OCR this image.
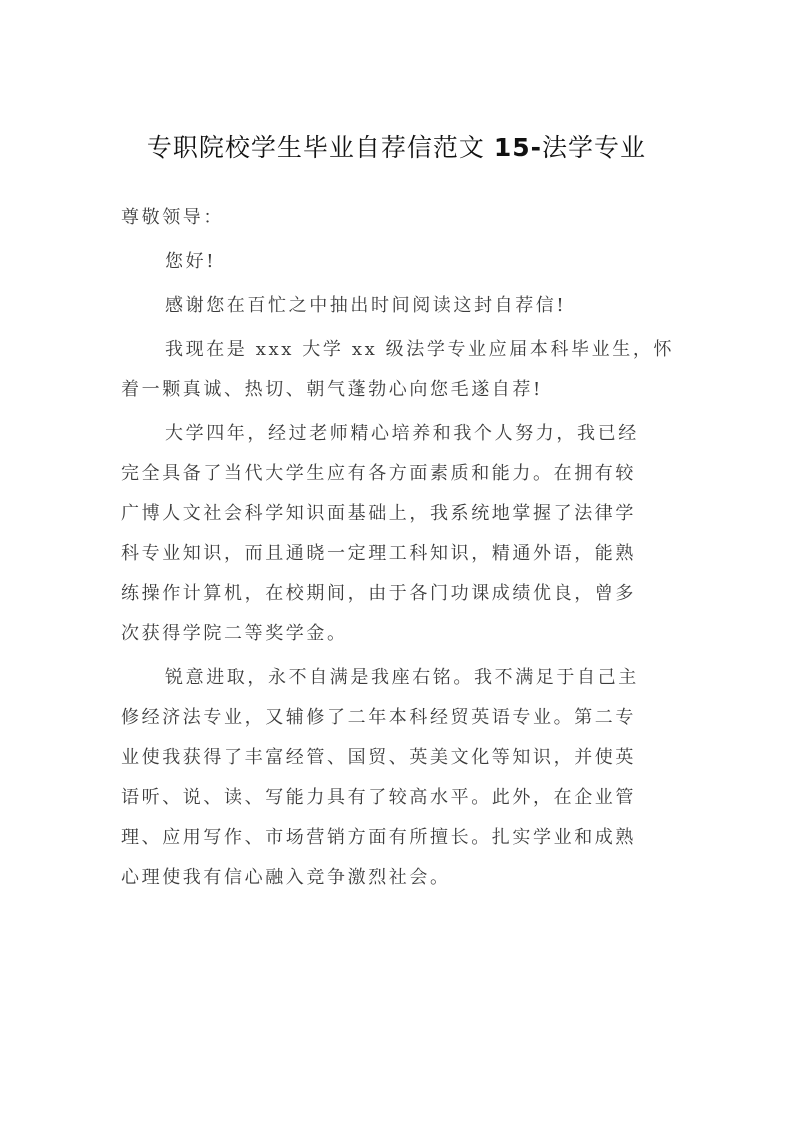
专职院校学生毕业自荐信范文 15-法学专业
尊敬领导：
您好!
感谢您在百忙之中抽出时间阅读这封自荐信!
我现在是 xxx 大学 xx 级法学专业应届本科毕业生，怀
着一颗真诚、热切、朝气蓬勃心向您毛遂自荐!
大学四年，经过老师精心培养和我个人努力，我已经
完全具备了当代大学生应有各方面素质和能力。在拥有较
广博人文社会科学知识面基础上，我系统地掌握了法律学
科专业知识，而且通晓一定理工科知识，精通外语，能熟
练操作计算机，在校期间，由于各门功课成绩优良，曾多
次获得学院二等奖学金。
锐意进取，永不自满是我座右铭。我不满足于自己主
修经济法专业，又辅修了二年本科经贸英语专业。第二专
业使我获得了丰富经管、国贸、英美文化等知识，并使英
语听、说、读、写能力具有了较高水平。此外，在企业管
理、应用写作、市场营销方面有所擅长。扎实学业和成熟
心理使我有信心融入竞争激烈社会。
